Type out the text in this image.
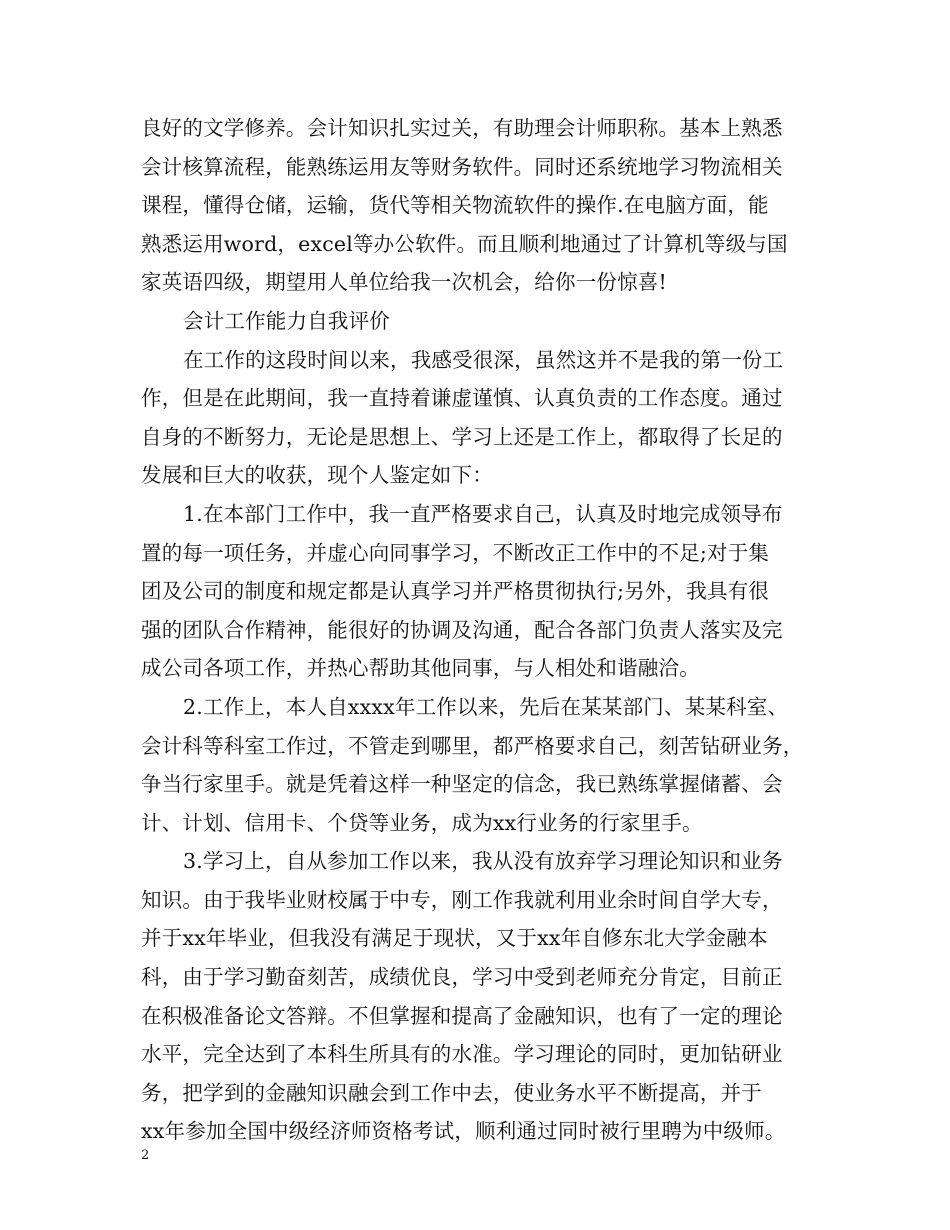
良好的文学修养。会计知识扎实过关，有助理会计师职称。基本上熟悉
会计核算流程，能熟练运用友等财务软件。同时还系统地学习物流相关
课程，懂得仓储，运输，货代等相关物流软件的操作.在电脑方面，能
熟悉运用word，excel等办公软件。而且顺利地通过了计算机等级与国
家英语四级，期望用人单位给我一次机会，给你一份惊喜!
会计工作能力自我评价
在工作的这段时间以来，我感受很深，虽然这并不是我的第一份工
作，但是在此期间，我一直持着谦虚谨慎、认真负责的工作态度。通过
自身的不断努力，无论是思想上、学习上还是工作上，都取得了长足的
发展和巨大的收获，现个人鉴定如下：
1.在本部门工作中，我一直严格要求自己，认真及时地完成领导布
置的每一项任务，并虚心向同事学习，不断改正工作中的不足;对于集
团及公司的制度和规定都是认真学习并严格贯彻执行;另外，我具有很
强的团队合作精神，能很好的协调及沟通，配合各部门负责人落实及完
成公司各项工作，并热心帮助其他同事，与人相处和谐融洽。
2.工作上，本人自xxxx年工作以来，先后在某某部门、某某科室、
会计科等科室工作过，不管走到哪里，都严格要求自己，刻苦钻研业务，
争当行家里手。就是凭着这样一种坚定的信念，我已熟练掌握储蓄、会
计、计划、信用卡、个贷等业务，成为xx行业务的行家里手。
3.学习上，自从参加工作以来，我从没有放弃学习理论知识和业务
知识。由于我毕业财校属于中专，刚工作我就利用业余时间自学大专，
并于xx年毕业，但我没有满足于现状，又于xx年自修东北大学金融本
科，由于学习勤奋刻苦，成绩优良，学习中受到老师充分肯定，目前正
在积极准备论文答辩。不但掌握和提高了金融知识，也有了一定的理论
水平，完全达到了本科生所具有的水准。学习理论的同时，更加钻研业
务，把学到的金融知识融会到工作中去，使业务水平不断提高，并于
xx年参加全国中级经济师资格考试，顺利通过同时被行里聘为中级师。
2
